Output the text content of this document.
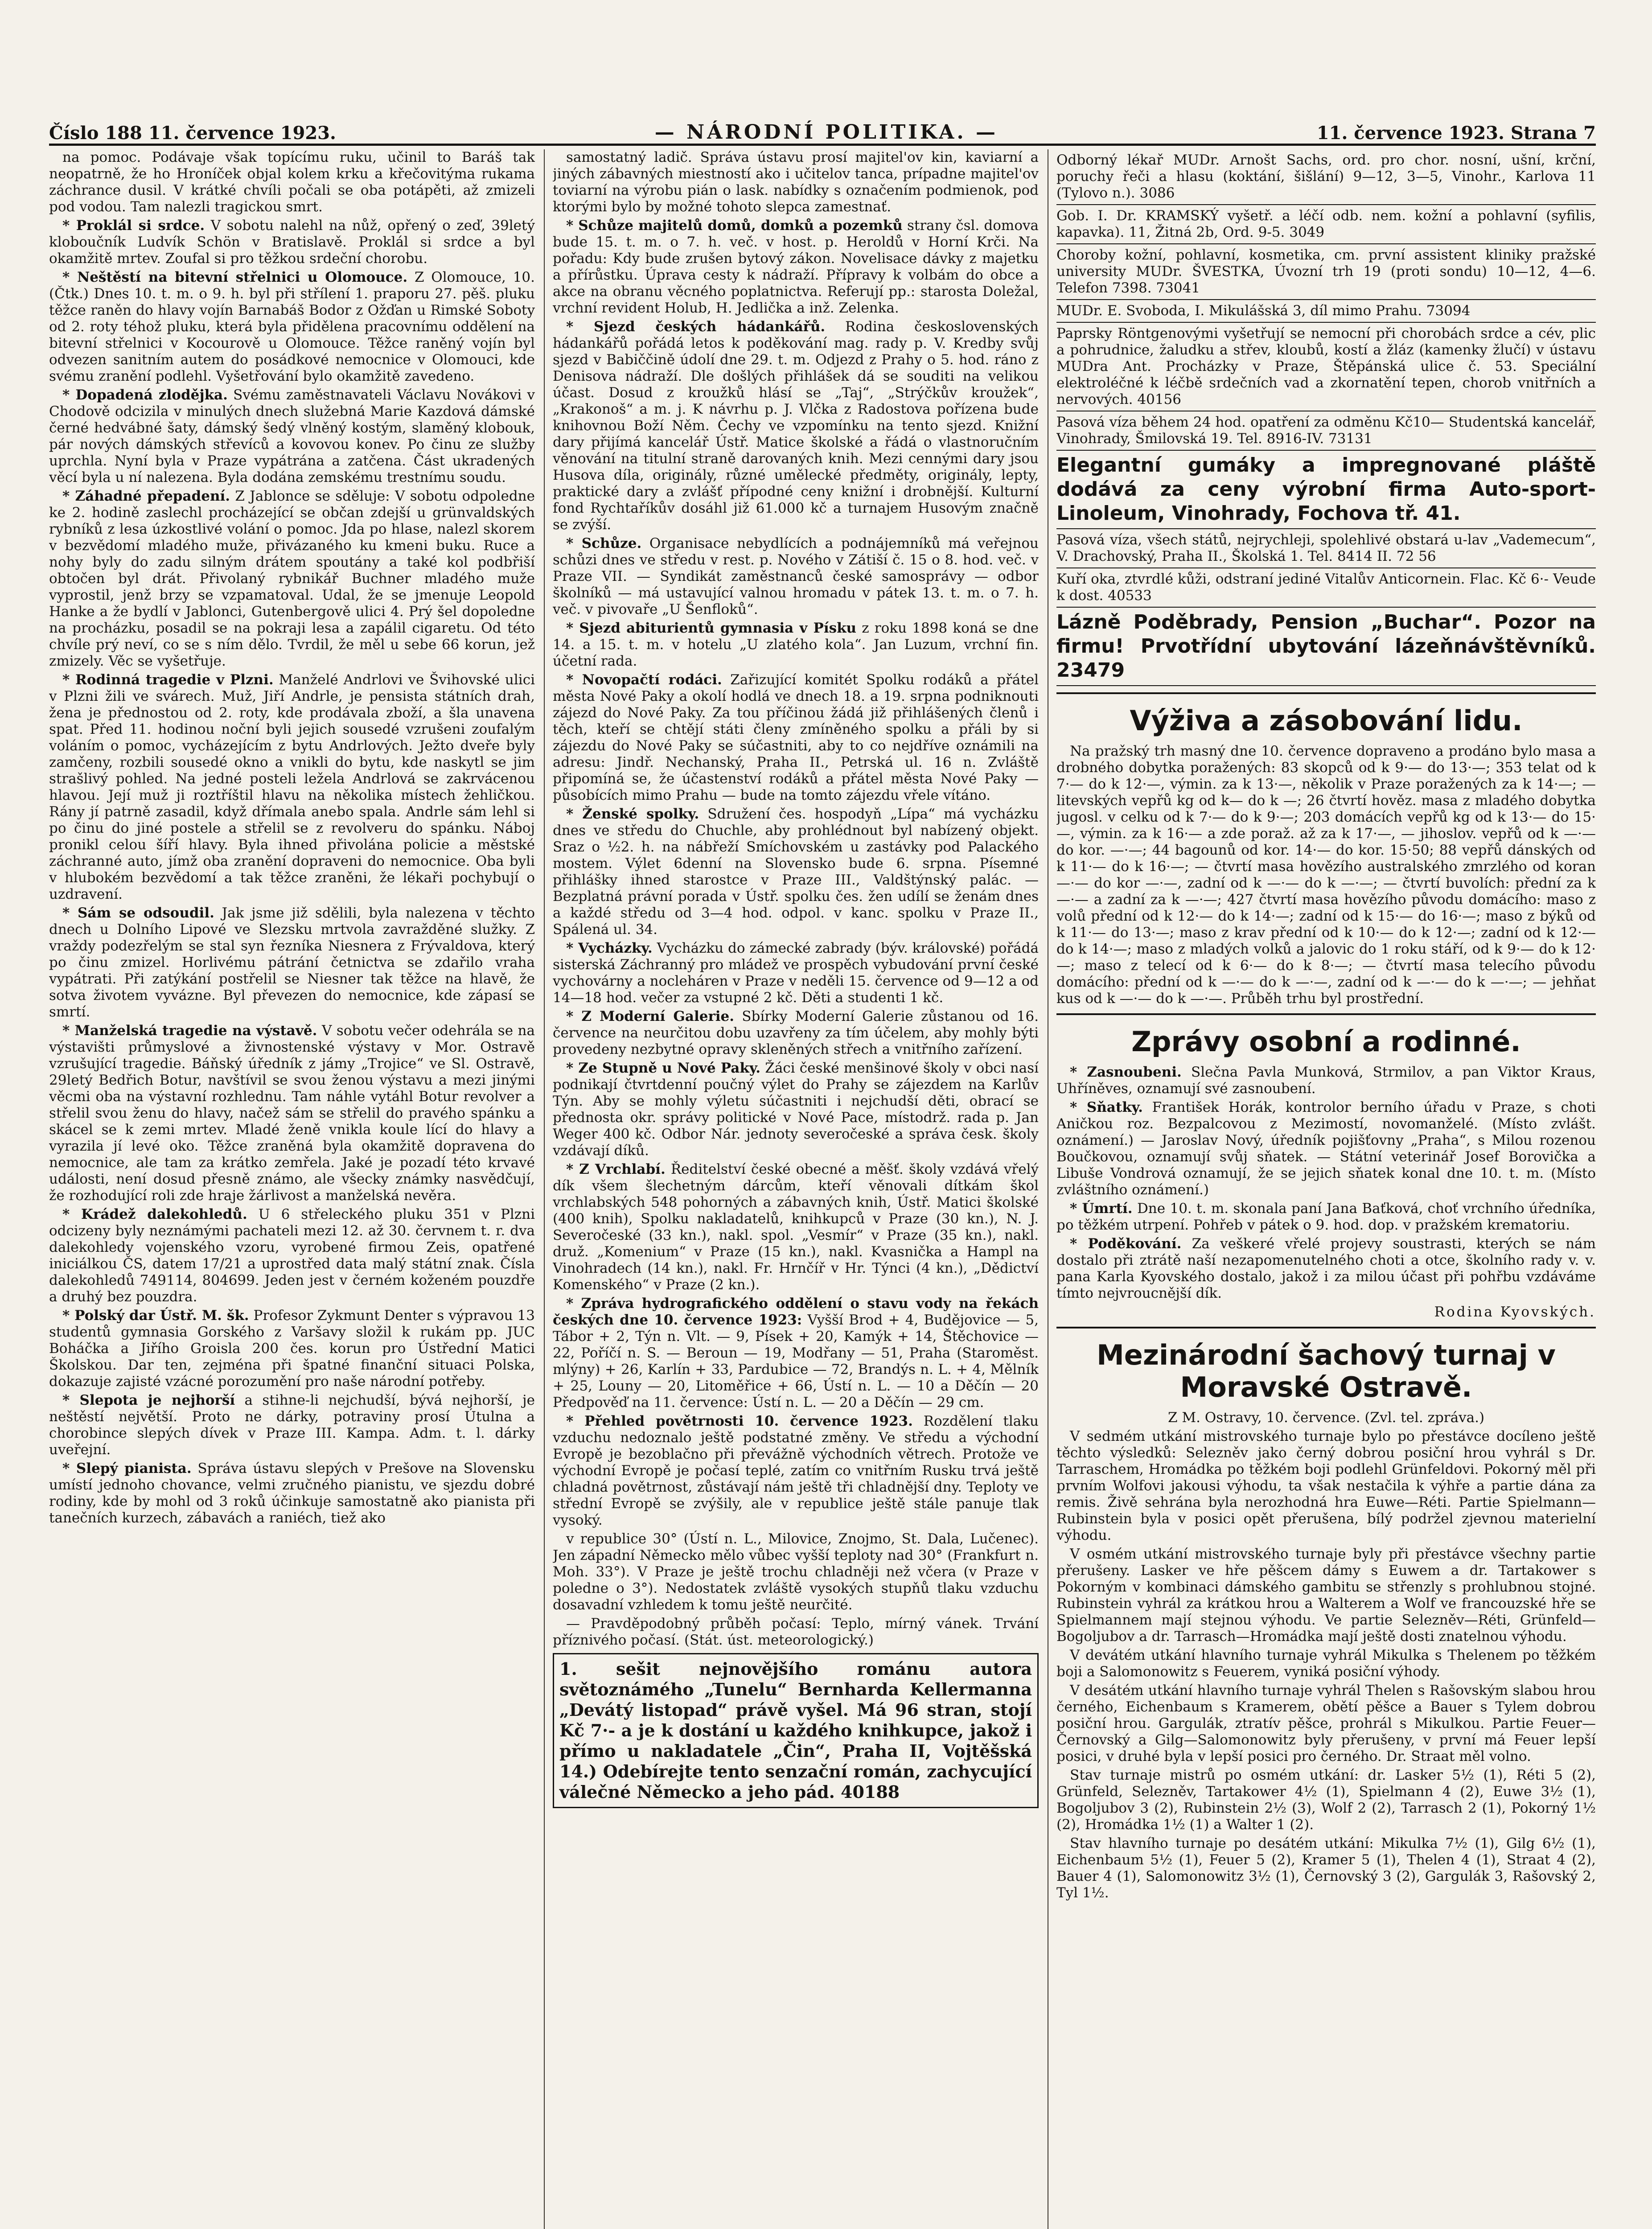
Číslo 188 11. července 1923.	— NÁRODNÍ POLITIKA. —	11. července 1923. Strana 7

na pomoc. Podávaje však topícímu ruku, učinil to Baráš tak neopatrně, že ho Hroníček objal kolem krku a křečovitýma rukama záchrance dusil. V krátké chvíli počali se oba potápěti, až zmizeli pod vodou. Tam nalezli tragickou smrt.

* Proklál si srdce. V sobotu nalehl na nůž, opřený o zeď, 39letý kloboučník Ludvík Schön v Bratislavě. Proklál si srdce a byl okamžitě mrtev. Zoufal si pro těžkou srdeční chorobu.

* Neštěstí na bitevní střelnici u Olomouce. Z Olomouce, 10. (Čtk.) Dnes 10. t. m. o 9. h. byl při střílení 1. praporu 27. pěš. pluku těžce raněn do hlavy vojín Barnabáš Bodor z Ožďan u Rimské Soboty od 2. roty téhož pluku, která byla přidělena pracovnímu oddělení na bitevní střelnici v Kocourově u Olomouce. Těžce raněný vojín byl odvezen sanitním autem do posádkové nemocnice v Olomouci, kde svému zranění podlehl. Vyšetřování bylo okamžitě zavedeno.

* Dopadená zlodějka. Svému zaměstnavateli Václavu Novákovi v Chodově odcizila v minulých dnech služebná Marie Kazdová dámské černé hedvábné šaty, dámský šedý vlněný kostým, slaměný klobouk, pár nových dámských střevíců a kovovou konev. Po činu ze služby uprchla. Nyní byla v Praze vypátrána a zatčena. Část ukradených věcí byla u ní nalezena. Byla dodána zemskému trestnímu soudu.

* Záhadné přepadení. Z Jablonce se sděluje: V sobotu odpoledne ke 2. hodině zaslechl procházející se občan zdejší u grünvaldských rybníků z lesa úzkostlivé volání o pomoc. Jda po hlase, nalezl skorem v bezvědomí mladého muže, přivázaného ku kmeni buku. Ruce a nohy byly do zadu silným drátem spoutány a také kol podbřiší obtočen byl drát. Přivolaný rybnikář Buchner mladého muže vyprostil, jenž brzy se vzpamatoval. Udal, že se jmenuje Leopold Hanke a že bydlí v Jablonci, Gutenbergově ulici 4. Prý šel dopoledne na procházku, posadil se na pokraji lesa a zapálil cigaretu. Od této chvíle prý neví, co se s ním dělo. Tvrdil, že měl u sebe 66 korun, jež zmizely. Věc se vyšetřuje.

* Rodinná tragedie v Plzni. Manželé Andrlovi ve Švihovské ulici v Plzni žili ve svárech. Muž, Jiří Andrle, je pensista státních drah, žena je přednostou od 2. roty, kde prodávala zboží, a šla unavena spat. Před 11. hodinou noční byli jejich sousedé vzrušeni zoufalým voláním o pomoc, vycházejícím z bytu Andrlových. Ježto dveře byly zamčeny, rozbili sousedé okno a vnikli do bytu, kde naskytl se jim strašlivý pohled. Na jedné posteli ležela Andrlová se zakrvácenou hlavou. Její muž ji roztříštil hlavu na několika místech žehličkou. Rány jí patrně zasadil, když dřímala anebo spala. Andrle sám lehl si po činu do jiné postele a střelil se z revolveru do spánku. Náboj pronikl celou šíří hlavy. Byla ihned přivolána policie a městské záchranné auto, jímž oba zranění dopraveni do nemocnice. Oba byli v hlubokém bezvědomí a tak těžce zraněni, že lékaři pochybují o uzdravení.

* Sám se odsoudil. Jak jsme již sdělili, byla nalezena v těchto dnech u Dolního Lipové ve Slezsku mrtvola zavražděné služky. Z vraždy podezřelým se stal syn řezníka Niesnera z Frývaldova, který po činu zmizel. Horlivému pátrání četnictva se zdařilo vraha vypátrati. Při zatýkání postřelil se Niesner tak těžce na hlavě, že sotva životem vyvázne. Byl převezen do nemocnice, kde zápasí se smrtí.

* Manželská tragedie na výstavě. V sobotu večer odehrála se na výstavišti průmyslové a živnostenské výstavy v Mor. Ostravě vzrušující tragedie. Báňský úředník z jámy „Trojice“ ve Sl. Ostravě, 29letý Bedřich Botur, navštívil se svou ženou výstavu a mezi jinými věcmi oba na výstavní rozhlednu. Tam náhle vytáhl Botur revolver a střelil svou ženu do hlavy, načež sám se střelil do pravého spánku a skácel se k zemi mrtev. Mladé ženě vnikla koule lící do hlavy a vyrazila jí levé oko. Těžce zraněná byla okamžitě dopravena do nemocnice, ale tam za krátko zemřela. Jaké je pozadí této krvavé události, není dosud přesně známo, ale všecky známky nasvědčují, že rozhodující roli zde hraje žárlivost a manželská nevěra.

* Krádež dalekohledů. U 6 střeleckého pluku 351 v Plzni odcizeny byly neznámými pachateli mezi 12. až 30. červnem t. r. dva dalekohledy vojenského vzoru, vyrobené firmou Zeis, opatřené iniciálkou ČS, datem 17/21 a uprostřed data malý státní znak. Čísla dalekohledů 749114, 804699. Jeden jest v černém koženém pouzdře a druhý bez pouzdra.

* Polský dar Ústř. M. šk. Profesor Zykmunt Denter s výpravou 13 studentů gymnasia Gorského z Varšavy složil k rukám pp. JUC Boháčka a Jiřího Groisla 200 čes. korun pro Ústřední Matici Školskou. Dar ten, zejména při špatné finanční situaci Polska, dokazuje zajisté vzácné porozumění pro naše národní potřeby.

* Slepota je nejhorší a stihne-li nejchudší, bývá nejhorší, je neštěstí největší. Proto ne dárky, potraviny prosí Útulna a chorobince slepých dívek v Praze III. Kampa. Adm. t. l. dárky uveřejní.

* Slepý pianista. Správa ústavu slepých v Prešove na Slovensku umístí jednoho chovance, velmi zručného pianistu, ve sjezdu dobré rodiny, kde by mohl od 3 roků účinkuje samostatně ako pianista při tanečních kurzech, zábavách a raniéch, tiež ako

samostatný ladič. Správa ústavu prosí majitel'ov kin, kaviarní a jiných zábavných miestností ako i učitelov tanca, prípadne majitel'ov toviarní na výrobu pián o lask. nabídky s označením podmienok, pod ktorými bylo by možné tohoto slepca zamestnať.

* Schůze majitelů domů, domků a pozemků strany čsl. domova bude 15. t. m. o 7. h. več. v host. p. Heroldů v Horní Krči. Na pořadu: Kdy bude zrušen bytový zákon. Novelisace dávky z majetku a přírůstku. Úprava cesty k nádraží. Přípravy k volbám do obce a akce na obranu věcného poplatnictva. Referují pp.: starosta Doležal, vrchní revident Holub, H. Jedlička a inž. Zelenka.

* Sjezd českých hádankářů. Rodina československých hádankářů pořádá letos k poděkování mag. rady p. V. Kredby svůj sjezd v Babiččině údolí dne 29. t. m. Odjezd z Prahy o 5. hod. ráno z Denisova nádraží. Dle došlých přihlášek dá se souditi na velikou účast. Dosud z kroužků hlásí se „Taj“, „Strýčkův kroužek“, „Krakonoš“ a m. j. K návrhu p. J. Vlčka z Radostova pořízena bude knihovnou Boží Něm. Čechy ve vzpomínku na tento sjezd. Knižní dary přijímá kancelář Ústř. Matice školské a řádá o vlastnoručním věnování na titulní straně darovaných knih. Mezi cennými dary jsou Husova díla, originály, různé umělecké předměty, originály, lepty, praktické dary a zvlášť přípodné ceny knižní i drobnější. Kulturní fond Rychtaříkův dosáhl již 61.000 kč a turnajem Husovým značně se zvýší.

* Schůze. Organisace nebydlících a podnájemníků má veřejnou schůzi dnes ve středu v rest. p. Nového v Zátiší č. 15 o 8. hod. več. v Praze VII. — Syndikát zaměstnanců české samosprávy — odbor školníků — má ustavující valnou hromadu v pátek 13. t. m. o 7. h. več. v pivovaře „U Šenfloků“.

* Sjezd abiturientů gymnasia v Písku z roku 1898 koná se dne 14. a 15. t. m. v hotelu „U zlatého kola“. Jan Luzum, vrchní fin. účetní rada.

* Novopačtí rodáci. Zařizující komitét Spolku rodáků a přátel města Nové Paky a okolí hodlá ve dnech 18. a 19. srpna podniknouti zájezd do Nové Paky. Za tou příčinou žádá již přihlášených členů i těch, kteří se chtějí státi členy zmíněného spolku a přáli by si zájezdu do Nové Paky se súčastniti, aby to co nejdříve oznámili na adresu: Jindř. Nechanský, Praha II., Petrská ul. 16 n. Zvláště připomíná se, že účastenství rodáků a přátel města Nové Paky — působících mimo Prahu — bude na tomto zájezdu vřele vítáno.

* Ženské spolky. Sdružení čes. hospodyň „Lípa“ má vycházku dnes ve středu do Chuchle, aby prohlédnout byl nabízený objekt. Sraz o ½2. h. na nábřeží Smíchovském u zastávky pod Palackého mostem. Výlet 6denní na Slovensko bude 6. srpna. Písemné přihlášky ihned starostce v Praze III., Valdštýnský palác. — Bezplatná právní porada v Ústř. spolku čes. žen udílí se ženám dnes a každé středu od 3—4 hod. odpol. v kanc. spolku v Praze II., Spálená ul. 34.

* Vycházky. Vycházku do zámecké zabrady (býv. královské) pořádá sisterská Záchranný pro mládež ve prospěch vybudování první české vychovárny a nocleháren v Praze v neděli 15. července od 9—12 a od 14—18 hod. večer za vstupné 2 kč. Děti a studenti 1 kč.

* Z Moderní Galerie. Sbírky Moderní Galerie zůstanou od 16. července na neurčitou dobu uzavřeny za tím účelem, aby mohly býti provedeny nezbytné opravy skleněných střech a vnitřního zařízení.

* Ze Stupně u Nové Paky. Žáci české menšinové školy v obci nasí podnikají čtvrtdenní poučný výlet do Prahy se zájezdem na Karlův Týn. Aby se mohly výletu súčastniti i nejchudší děti, obrací se přednosta okr. správy politické v Nové Pace, místodrž. rada p. Jan Weger 400 kč. Odbor Nár. jednoty severočeské a správa česk. školy vzdávají díků.

* Z Vrchlabí. Ředitelství české obecné a měšť. školy vzdává vřelý dík všem šlechetným dárcům, kteří věnovali dítkám škol vrchlabských 548 pohorných a zábavných knih, Ústř. Matici školské (400 knih), Spolku nakladatelů, knihkupců v Praze (30 kn.), N. J. Severočeské (33 kn.), nakl. spol. „Vesmír“ v Praze (35 kn.), nakl. druž. „Komenium“ v Praze (15 kn.), nakl. Kvasnička a Hampl na Vinohradech (14 kn.), nakl. Fr. Hrnčíř v Hr. Týnci (4 kn.), „Dědictví Komenského“ v Praze (2 kn.).

* Zpráva hydrografického oddělení o stavu vody na řekách českých dne 10. července 1923: Vyšší Brod + 4, Budějovice — 5, Tábor + 2, Týn n. Vlt. — 9, Písek + 20, Kamýk + 14, Štěchovice — 22, Poříčí n. S. — Beroun — 19, Modřany — 51, Praha (Staroměst. mlýny) + 26, Karlín + 33, Pardubice — 72, Brandýs n. L. + 4, Mělník + 25, Louny — 20, Litoměřice + 66, Ústí n. L. — 10 a Děčín — 20 Předpověď na 11. července: Ústí n. L. — 20 a Děčín — 29 cm.

* Přehled povětrnosti 10. července 1923. Rozdělení tlaku vzduchu nedoznalo ještě podstatné změny. Ve středu a východní Evropě je bezoblačno při převážně východních větrech. Protože ve východní Evropě je počasí teplé, zatím co vnitřním Rusku trvá ještě chladná povětrnost, zůstávají nám ještě tři chladnější dny. Teploty ve střední Evropě se zvýšily, ale v republice ještě stále panuje tlak vysoký.

v republice 30° (Ústí n. L., Milovice, Znojmo, St. Dala, Lučenec). Jen západní Německo mělo vůbec vyšší teploty nad 30° (Frankfurt n. Moh. 33°). V Praze je ještě trochu chladněji než včera (v Praze v poledne o 3°). Nedostatek zvláště vysokých stupňů tlaku vzduchu dosavadní vzhledem k tomu ještě neurčité.

— Pravděpodobný průběh počasí: Teplo, mírný vánek. Trvání příznivého počasí. (Stát. úst. meteorologický.)

1. sešit nejnovějšího románu autora světoznámého „Tunelu“ Bernharda Kellermanna „Devátý listopad“ právě vyšel. Má 96 stran, stojí Kč 7·- a je k dostání u každého knihkupce, jakož i přímo u nakladatele „Čin“, Praha II, Vojtěšská 14.) Odebírejte tento senzační román, zachycující válečné Německo a jeho pád. 40188
Odborný lékař MUDr. Arnošt Sachs, ord. pro chor. nosní, ušní, krční, poruchy řeči a hlasu (koktání, šišlání) 9—12, 3—5, Vinohr., Karlova 11 (Tylovo n.). 3086
Gob. I. Dr. KRAMSKÝ vyšetř. a léčí odb. nem. kožní a pohlavní (syfilis, kapavka). 11, Žitná 2b, Ord. 9-5. 3049
Choroby kožní, pohlavní, kosmetika, cm. první assistent kliniky pražské university MUDr. ŠVESTKA, Úvozní trh 19 (proti sondu) 10—12, 4—6. Telefon 7398. 73041
MUDr. E. Svoboda, I. Mikulášská 3, díl mimo Prahu. 73094
Paprsky Röntgenovými vyšetřují se nemocní při chorobách srdce a cév, plic a pohrudnice, žaludku a střev, kloubů, kostí a žláz (kamenky žlučí) v ústavu MUDra Ant. Procházky v Praze, Štěpánská ulice č. 53. Speciální elektroléčné k léčbě srdečních vad a zkornatění tepen, chorob vnitřních a nervových. 40156
Pasová víza během 24 hod. opatření za odměnu Kč10— Studentská kancelář, Vinohrady, Šmilovská 19. Tel. 8916-IV. 73131
Elegantní gumáky a impregnované pláště dodává za ceny výrobní firma Auto-sport-Linoleum, Vinohrady, Fochova tř. 41.
Pasová víza, všech států, nejrychleji, spolehlivé obstará u-lav „Vademecum“, V. Drachovský, Praha II., Školská 1. Tel. 8414 II. 72 56
Kuří oka, ztvrdlé kůži, odstraní jediné Vitalův Anticornein. Flac. Kč 6·- Veude k dost. 40533
Lázně Poděbrady, Pension „Buchar“. Pozor na firmu! Prvotřídní ubytování lázeňnávštěvníků. 23479
Výživa a zásobování lidu.

Na pražský trh masný dne 10. července dopraveno a prodáno bylo masa a drobného dobytka poražených: 83 skopců od k 9·— do 13·—; 353 telat od k 7·— do k 12·—, výmin. za k 13·—, několik v Praze poražených za k 14·—; — litevských vepřů kg od k— do k —; 26 čtvrtí hověz. masa z mladého dobytka jugosl. v celku od k 7·— do k 9·—; 203 domácích vepřů kg od k 13·— do 15·—, výmin. za k 16·— a zde poraž. až za k 17·—, — jihoslov. vepřů od k —·— do kor. —·—; 44 bagounů od kor. 14·— do kor. 15·50; 88 vepřů dánských od k 11·— do k 16·—; — čtvrtí masa hovězího australského zmrzlého od koran —·— do kor —·—, zadní od k —·— do k —·—; — čtvrtí buvolích: přední za k —·— a zadní za k —·—; 427 čtvrtí masa hovězího původu domácího: maso z volů přední od k 12·— do k 14·—; zadní od k 15·— do 16·—; maso z býků od k 11·— do 13·—; maso z krav přední od k 10·— do k 12·—; zadní od k 12·— do k 14·—; maso z mladých volků a jalovic do 1 roku stáří, od k 9·— do k 12·—; maso z telecí od k 6·— do k 8·—; — čtvrtí masa telecího původu domácího: přední od k —·— do k —·—, zadní od k —·— do k —·—; — jehňat kus od k —·— do k —·—. Průběh trhu byl prostřední.

Zprávy osobní a rodinné.

* Zasnoubeni. Slečna Pavla Munková, Strmilov, a pan Viktor Kraus, Uhříněves, oznamují své zasnoubení.

* Sňatky. František Horák, kontrolor berního úřadu v Praze, s choti Aničkou roz. Bezpalcovou z Mezimostí, novomanželé. (Místo zvlášt. oznámení.) — Jaroslav Nový, úředník pojišťovny „Praha“, s Milou rozenou Boučkovou, oznamují svůj sňatek. — Státní veterinář Josef Borovička a Libuše Vondrová oznamují, že se jejich sňatek konal dne 10. t. m. (Místo zvláštního oznámení.)

* Úmrtí. Dne 10. t. m. skonala paní Jana Baťková, choť vrchního úředníka, po těžkém utrpení. Pohřeb v pátek o 9. hod. dop. v pražském krematoriu.

* Poděkování. Za veškeré vřelé projevy soustrasti, kterých se nám dostalo při ztrátě naší nezapomenutelného choti a otce, školního rady v. v. pana Karla Kyovského dostalo, jakož i za milou účast při pohřbu vzdáváme tímto nejvroucnější dík.

Rodina Kyovských.

Mezinárodní šachový turnaj v Moravské Ostravě.

Z M. Ostravy, 10. července. (Zvl. tel. zpráva.)

V sedmém utkání mistrovského turnaje bylo po přestávce docíleno ještě těchto výsledků: Selezněv jako černý dobrou posiční hrou vyhrál s Dr. Tarraschem, Hromádka po těžkém boji podlehl Grünfeldovi. Pokorný měl při prvním Wolfovi jakousi výhodu, ta však nestačila k výhře a partie dána za remis. Živě sehrána byla nerozhodná hra Euwe—Réti. Partie Spielmann—Rubinstein byla v posici opět přerušena, bílý podržel zjevnou materielní výhodu.

V osmém utkání mistrovského turnaje byly při přestávce všechny partie přerušeny. Lasker ve hře pěšcem dámy s Euwem a dr. Tartakower s Pokorným v kombinaci dámského gambitu se střenzly s prohlubnou stojné. Rubinstein vyhrál za krátkou hrou a Walterem a Wolf ve francouzské hře se Spielmannem mají stejnou výhodu. Ve partie Selezněv—Réti, Grünfeld—Bogoljubov a dr. Tarrasch—Hromádka mají ještě dosti znatelnou výhodu.

V devátém utkání hlavního turnaje vyhrál Mikulka s Thelenem po těžkém boji a Salomonowitz s Feuerem, vyniká posiční výhody.

V desátém utkání hlavního turnaje vyhrál Thelen s Rašovským slabou hrou černého, Eichenbaum s Kramerem, obětí pěšce a Bauer s Tylem dobrou posiční hrou. Gargulák, ztratív pěšce, prohrál s Mikulkou. Partie Feuer—Černovský a Gilg—Salomonowitz byly přerušeny, v první má Feuer lepší posici, v druhé byla v lepší posici pro černého. Dr. Straat měl volno.

Stav turnaje mistrů po osmém utkání: dr. Lasker 5½ (1), Réti 5 (2), Grünfeld, Selezněv, Tartakower 4½ (1), Spielmann 4 (2), Euwe 3½ (1), Bogoljubov 3 (2), Rubinstein 2½ (3), Wolf 2 (2), Tarrasch 2 (1), Pokorný 1½ (2), Hromádka 1½ (1) a Walter 1 (2).

Stav hlavního turnaje po desátém utkání: Mikulka 7½ (1), Gilg 6½ (1), Eichenbaum 5½ (1), Feuer 5 (2), Kramer 5 (1), Thelen 4 (1), Straat 4 (2), Bauer 4 (1), Salomonowitz 3½ (1), Černovský 3 (2), Gargulák 3, Rašovský 2, Tyl 1½.
